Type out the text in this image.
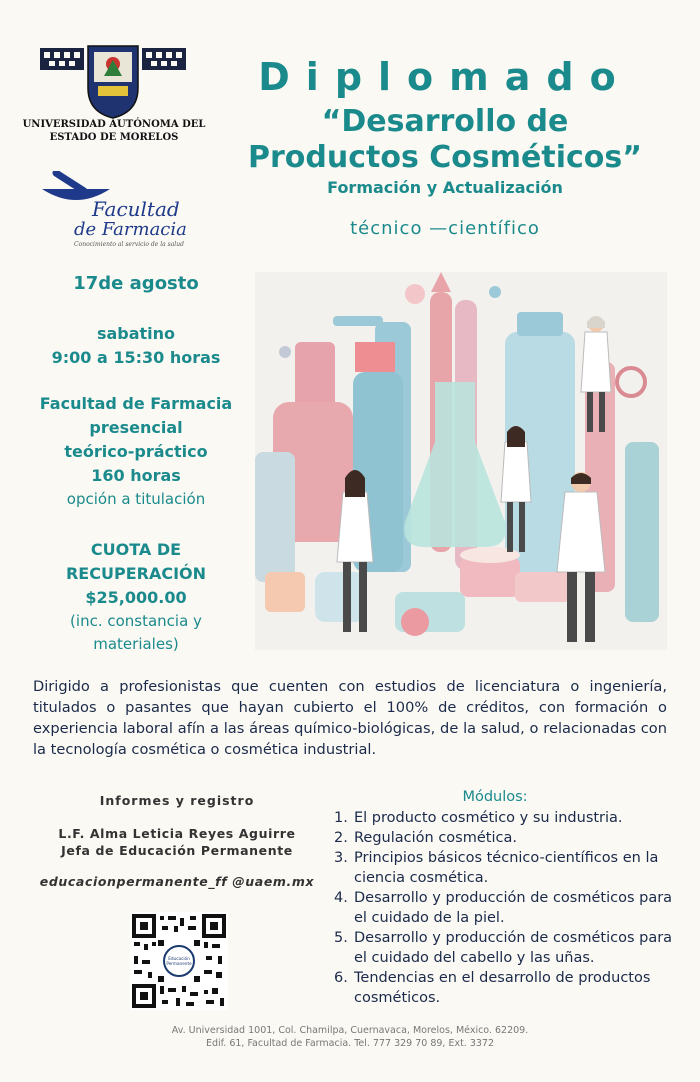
UNIVERSIDAD AUTÓNOMA DEL
ESTADO DE MORELOS
Facultad
de Farmacia
Conocimiento al servicio de la salud
Diplomado
“Desarrollo de
Productos Cosméticos”
Formación y Actualización
técnico —científico
17de agosto
sabatino
9:00 a 15:30 horas
Facultad de Farmacia
presencial
teórico-práctico
160 horas
opción a titulación
CUOTA DE
RECUPERACIÓN
$25,000.00
(inc. constancia y
materiales)
Dirigido a profesionistas que cuenten con estudios de licenciatura o ingeniería, titulados o pasantes que hayan cubierto el 100% de créditos, con formación o experiencia laboral afín a las áreas químico-biológicas, de la salud, o relacionadas con la tecnología cosmética o cosmética industrial.
Informes y registro
L.F. Alma Leticia Reyes Aguirre
Jefa de Educación Permanente
educacionpermanente_ff @uaem.mx
Educación
Permanente
Módulos:
1. El producto cosmético y su industria.
2. Regulación cosmética.
3. Principios básicos técnico-científicos en la ciencia cosmética.
4. Desarrollo y producción de cosméticos para el cuidado de la piel.
5. Desarrollo y producción de cosméticos para el cuidado del cabello y las uñas.
6. Tendencias en el desarrollo de productos cosméticos.
Av. Universidad 1001, Col. Chamilpa, Cuernavaca, Morelos, México. 62209.
Edif. 61, Facultad de Farmacia. Tel. 777 329 70 89, Ext. 3372
